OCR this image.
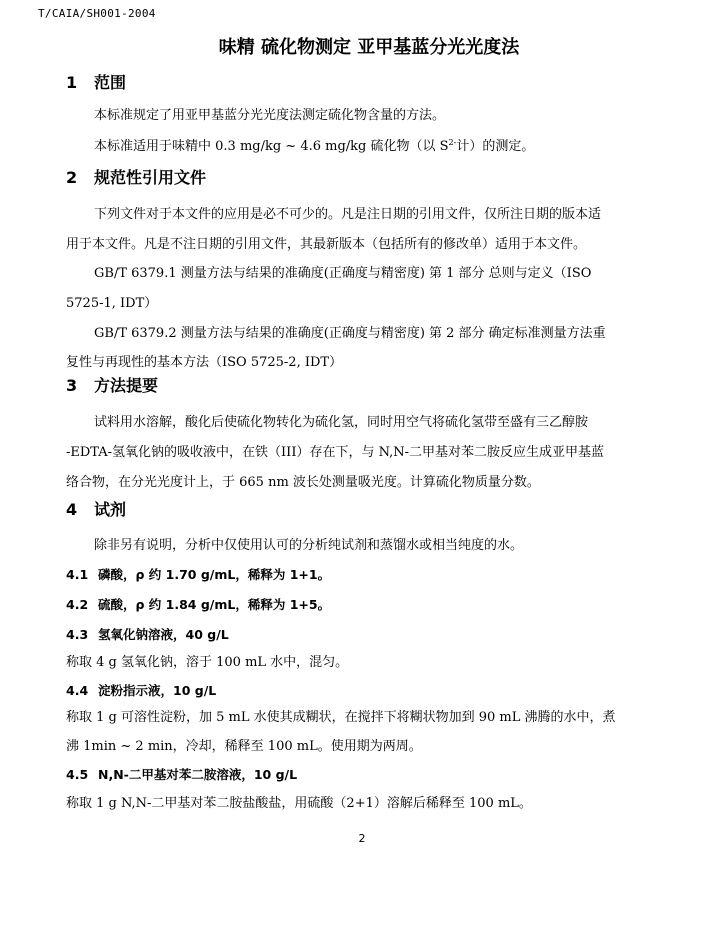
T/CAIA/SH001-2004
味精 硫化物测定 亚甲基蓝分光光度法
1 范围
本标准规定了用亚甲基蓝分光光度法测定硫化物含量的方法。
本标准适用于味精中 0.3 mg/kg ~ 4.6 mg/kg 硫化物（以 $S^{2-}$计）的测定。
2 规范性引用文件
下列文件对于本文件的应用是必不可少的。凡是注日期的引用文件，仅所注日期的版本适
用于本文件。凡是不注日期的引用文件，其最新版本（包括所有的修改单）适用于本文件。
GB/T 6379.1 测量方法与结果的准确度(正确度与精密度) 第 1 部分 总则与定义（ISO
5725-1, IDT）
GB/T 6379.2 测量方法与结果的准确度(正确度与精密度) 第 2 部分 确定标准测量方法重
复性与再现性的基本方法（ISO 5725-2, IDT）
3 方法提要
试料用水溶解，酸化后使硫化物转化为硫化氢，同时用空气将硫化氢带至盛有三乙醇胺
-EDTA-氢氧化钠的吸收液中，在铁（III）存在下，与 N,N-二甲基对苯二胺反应生成亚甲基蓝
络合物，在分光光度计上，于 665 nm 波长处测量吸光度。计算硫化物质量分数。
4 试剂
除非另有说明，分析中仅使用认可的分析纯试剂和蒸馏水或相当纯度的水。
4.1 磷酸，ρ 约 1.70 g/mL，稀释为 1+1。
4.2 硫酸，ρ 约 1.84 g/mL，稀释为 1+5。
4.3 氢氧化钠溶液，40 g/L
称取 4 g 氢氧化钠，溶于 100 mL 水中，混匀。
4.4 淀粉指示液，10 g/L
称取 1 g 可溶性淀粉，加 5 mL 水使其成糊状，在搅拌下将糊状物加到 90 mL 沸腾的水中，煮
沸 1min ~ 2 min，冷却，稀释至 100 mL。使用期为两周。
4.5 N,N-二甲基对苯二胺溶液，10 g/L
称取 1 g N,N-二甲基对苯二胺盐酸盐，用硫酸（2+1）溶解后稀释至 100 mL。
2
